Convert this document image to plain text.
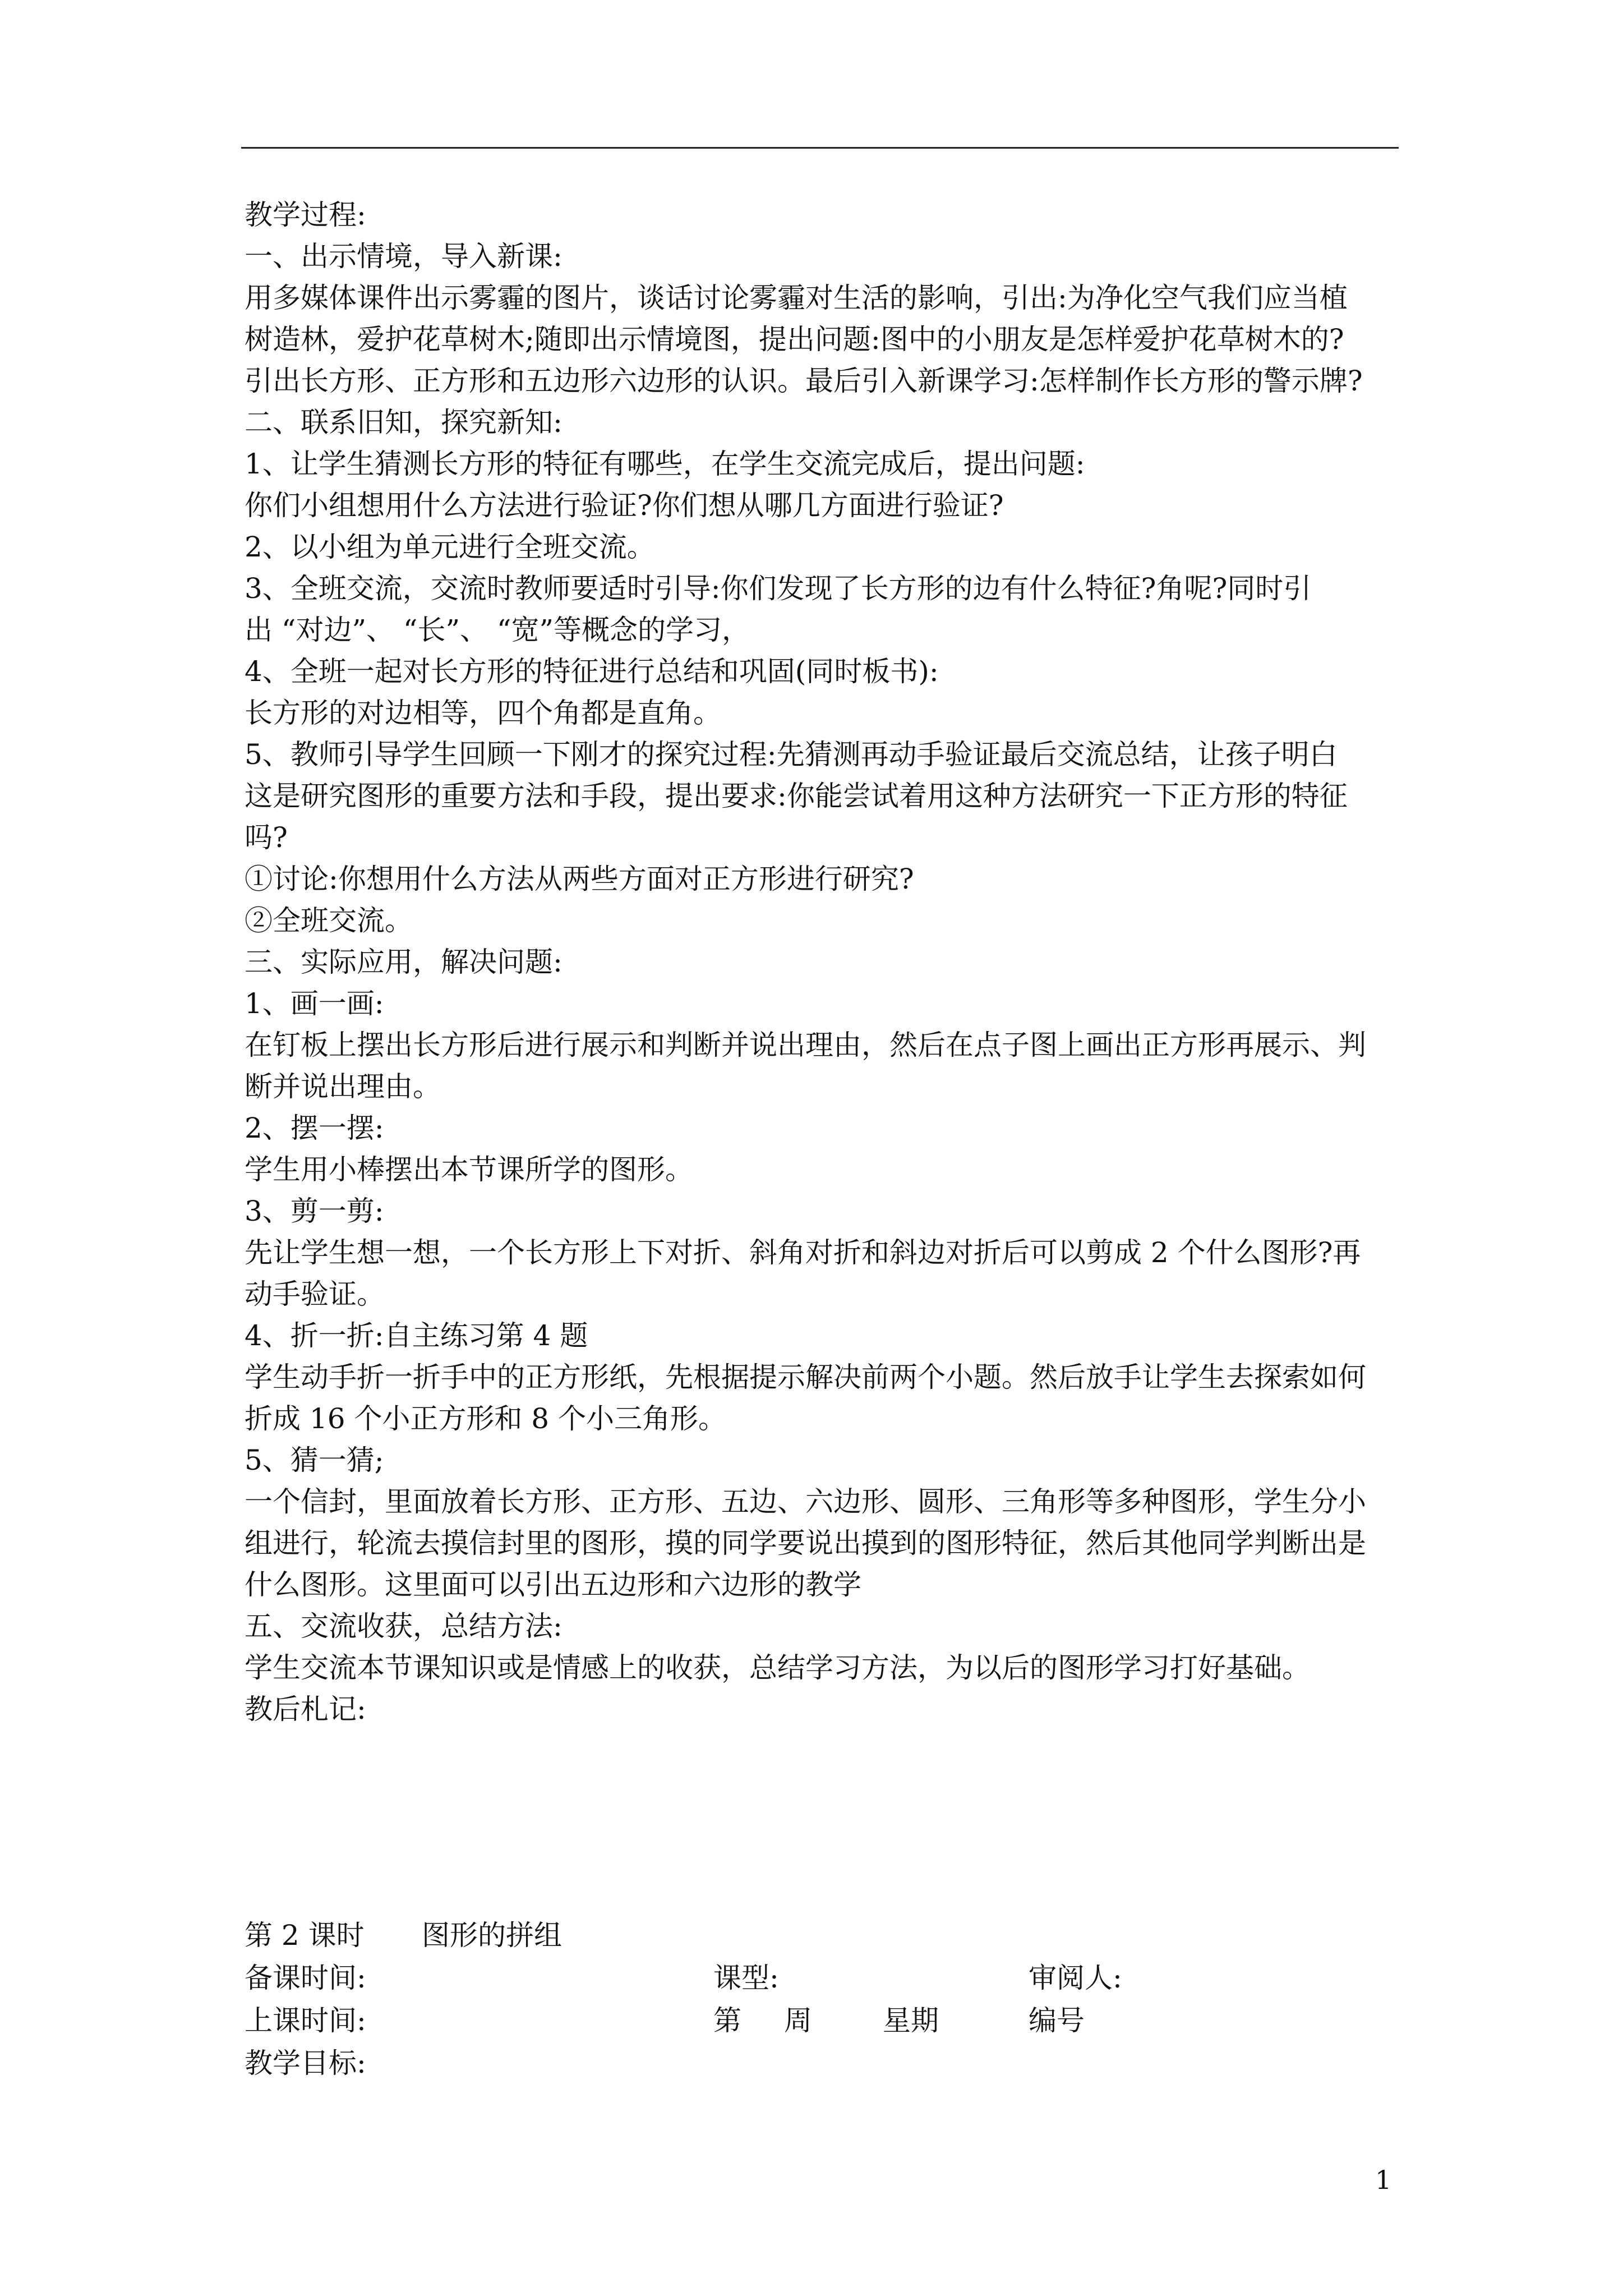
教学过程:

一、出示情境，导入新课:

用多媒体课件出示雾霾的图片，谈话讨论雾霾对生活的影响，引出:为净化空气我们应当植

树造林，爱护花草树木;随即出示情境图，提出问题:图中的小朋友是怎样爱护花草树木的?

引出长方形、正方形和五边形六边形的认识。最后引入新课学习:怎样制作长方形的警示牌?

二、联系旧知，探究新知:

1、让学生猜测长方形的特征有哪些，在学生交流完成后，提出问题:

你们小组想用什么方法进行验证?你们想从哪几方面进行验证?

2、以小组为单元进行全班交流。

3、全班交流，交流时教师要适时引导:你们发现了长方形的边有什么特征?角呢?同时引

出 “对边”、 “长”、 “宽”等概念的学习，

4、全班一起对长方形的特征进行总结和巩固(同时板书):

长方形的对边相等，四个角都是直角。

5、教师引导学生回顾一下刚才的探究过程:先猜测再动手验证最后交流总结，让孩子明白

这是研究图形的重要方法和手段，提出要求:你能尝试着用这种方法研究一下正方形的特征

吗?

①讨论:你想用什么方法从两些方面对正方形进行研究?

②全班交流。

三、实际应用，解决问题:

1、画一画:

在钉板上摆出长方形后进行展示和判断并说出理由，然后在点子图上画出正方形再展示、判

断并说出理由。

2、摆一摆:

学生用小棒摆出本节课所学的图形。

3、剪一剪:

先让学生想一想，一个长方形上下对折、斜角对折和斜边对折后可以剪成 2 个什么图形?再

动手验证。

4、折一折:自主练习第 4 题

学生动手折一折手中的正方形纸，先根据提示解决前两个小题。然后放手让学生去探索如何

折成 16 个小正方形和 8 个小三角形。

5、猜一猜;

一个信封，里面放着长方形、正方形、五边、六边形、圆形、三角形等多种图形，学生分小

组进行，轮流去摸信封里的图形，摸的同学要说出摸到的图形特征，然后其他同学判断出是

什么图形。这里面可以引出五边形和六边形的教学

五、交流收获，总结方法:

学生交流本节课知识或是情感上的收获，总结学习方法，为以后的图形学习打好基础。

教后札记:

第 2 课时 图形的拼组
备课时间:	课型:	审阅人:
上课时间:	第 周	星期	编号
教学目标:
1
